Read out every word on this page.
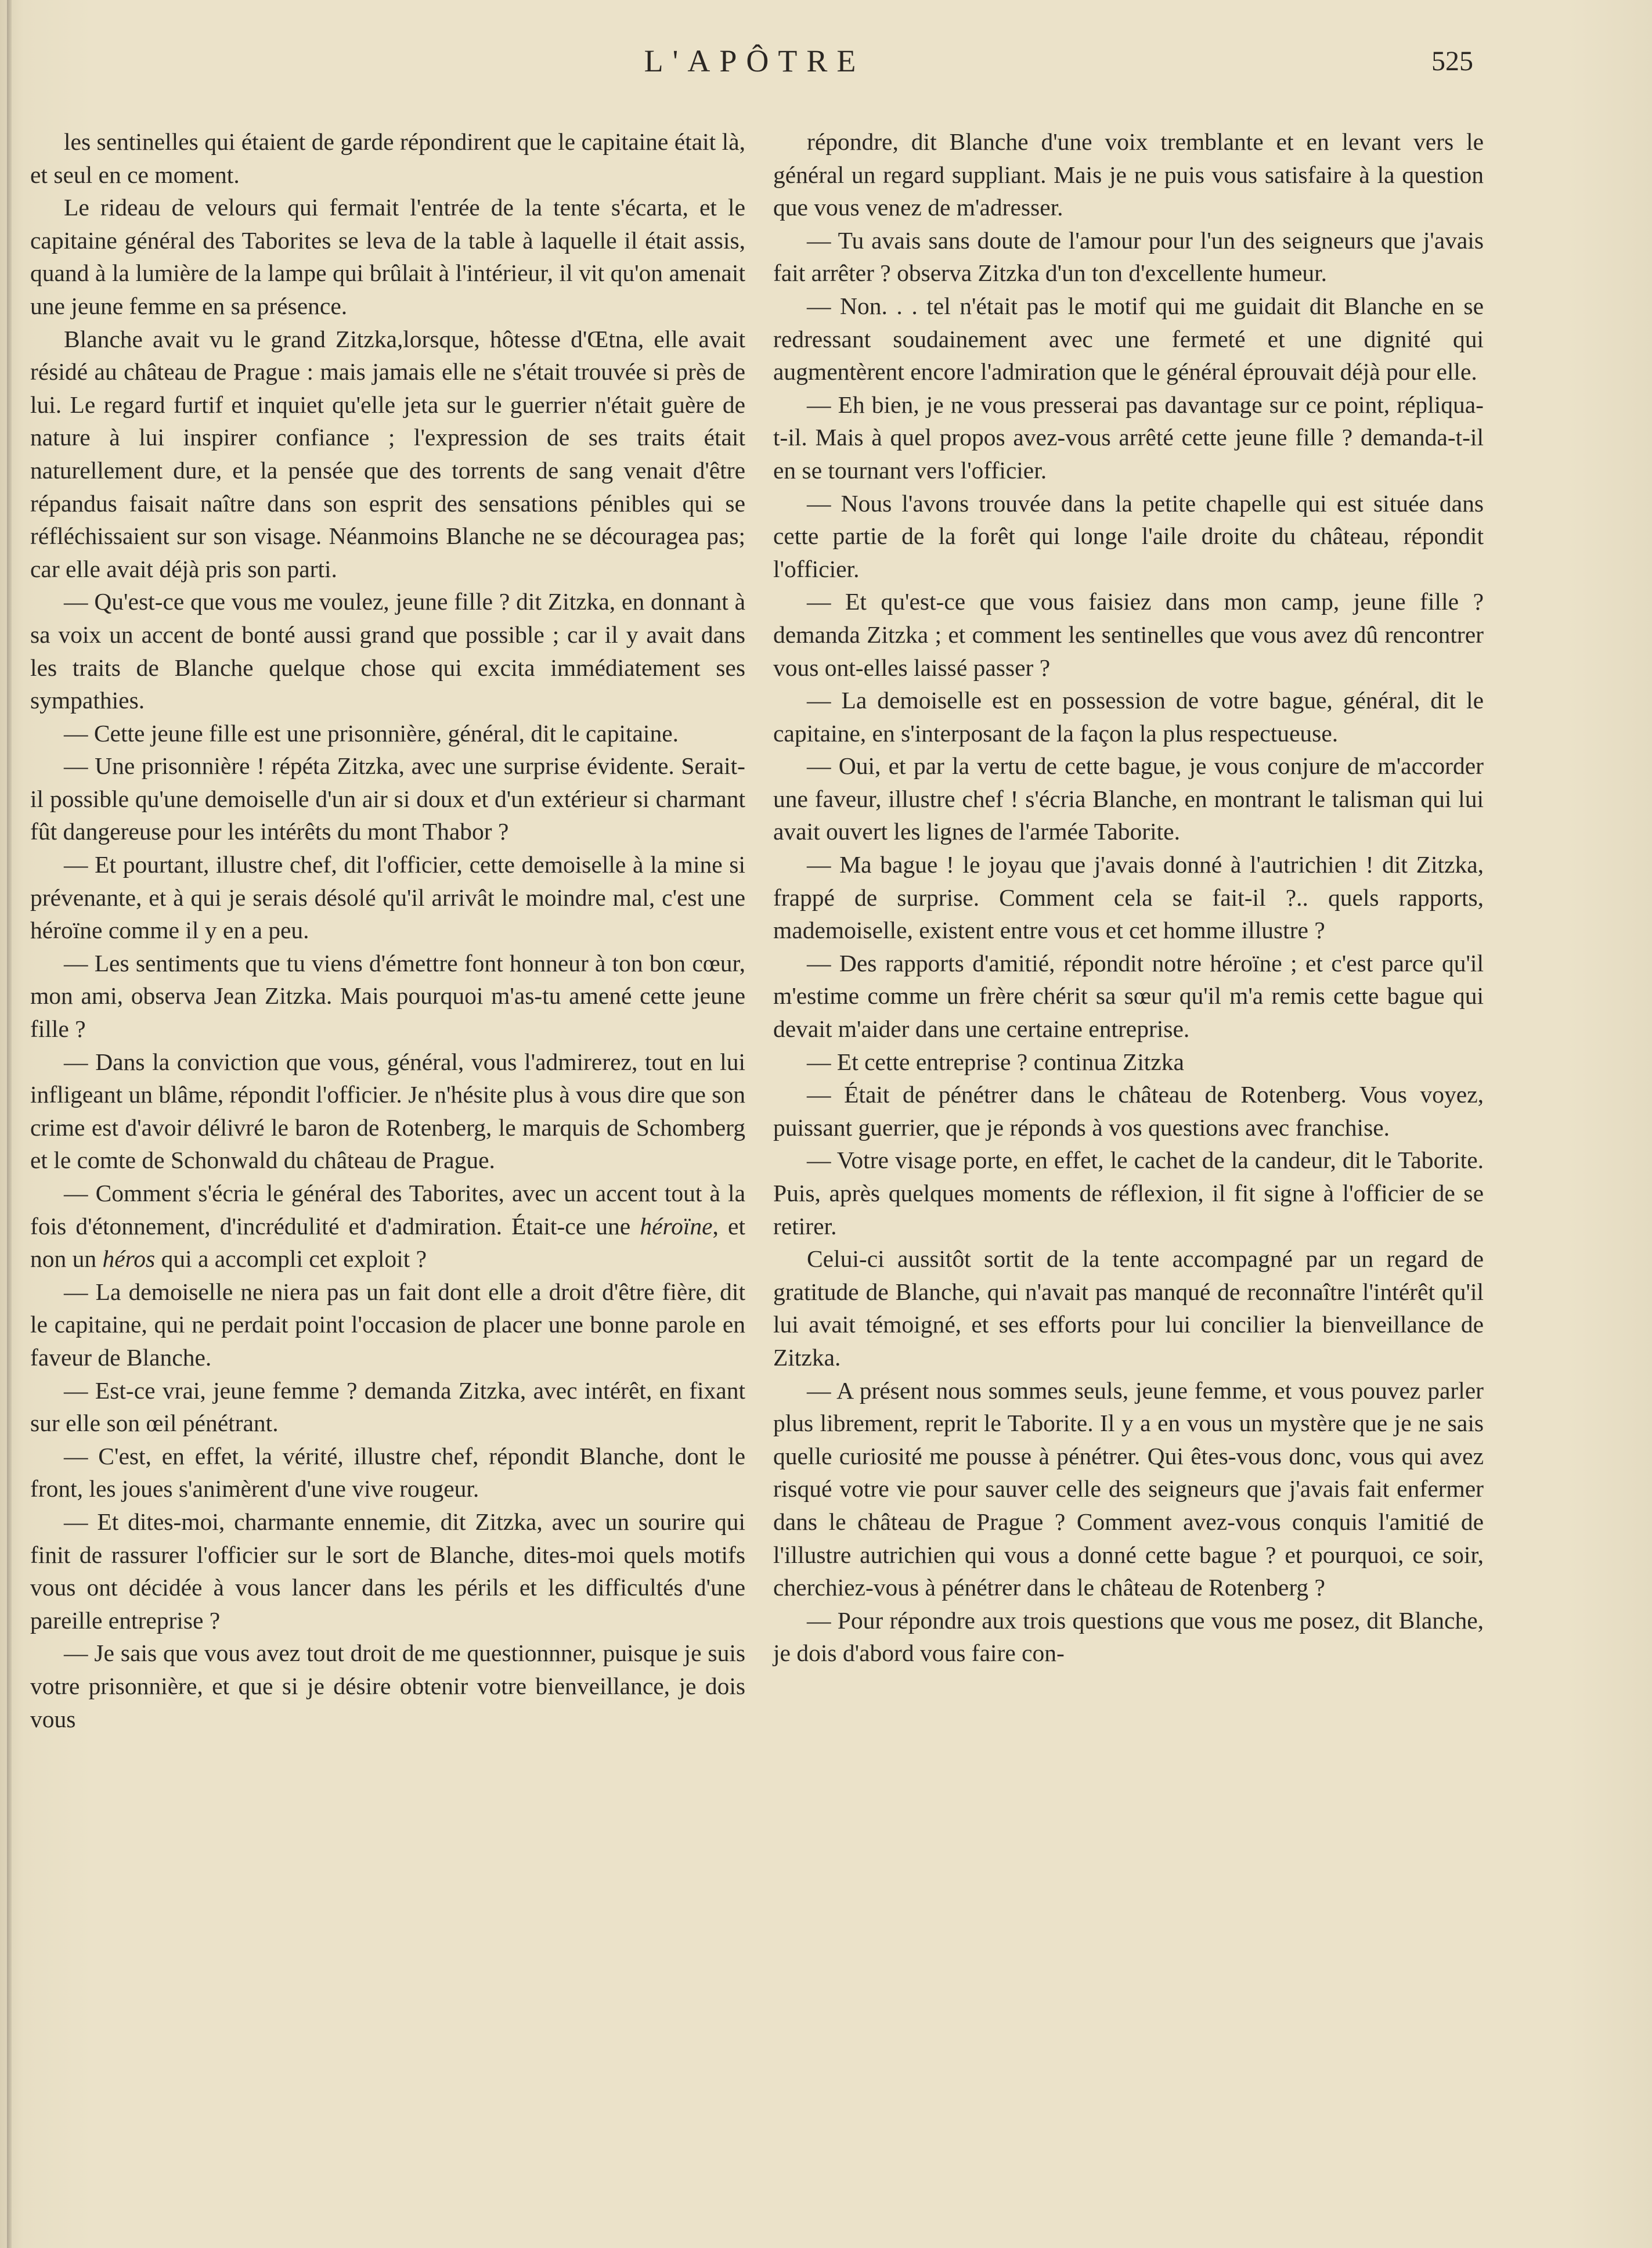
L'APÔTRE	525

les sentinelles qui étaient de garde répondirent que le capitaine était là, et seul en ce moment.

Le rideau de velours qui fermait l'entrée de la tente s'écarta, et le capitaine général des Taborites se leva de la table à laquelle il était assis, quand à la lumière de la lampe qui brûlait à l'intérieur, il vit qu'on amenait une jeune femme en sa présence.

Blanche avait vu le grand Zitzka,lorsque, hôtesse d'Œtna, elle avait résidé au château de Prague : mais jamais elle ne s'était trouvée si près de lui. Le regard furtif et inquiet qu'elle jeta sur le guerrier n'était guère de nature à lui inspirer confiance ; l'expression de ses traits était naturellement dure, et la pensée que des torrents de sang venait d'être répandus faisait naître dans son esprit des sensations pénibles qui se réfléchissaient sur son visage. Néanmoins Blanche ne se découragea pas; car elle avait déjà pris son parti.

— Qu'est-ce que vous me voulez, jeune fille ? dit Zitzka, en donnant à sa voix un accent de bonté aussi grand que possible ; car il y avait dans les traits de Blanche quelque chose qui excita immédiatement ses sympathies.

— Cette jeune fille est une prisonnière, général, dit le capitaine.

— Une prisonnière ! répéta Zitzka, avec une surprise évidente. Serait-il possible qu'une demoiselle d'un air si doux et d'un extérieur si charmant fût dangereuse pour les intérêts du mont Thabor ?

— Et pourtant, illustre chef, dit l'officier, cette demoiselle à la mine si prévenante, et à qui je serais désolé qu'il arrivât le moindre mal, c'est une héroïne comme il y en a peu.

— Les sentiments que tu viens d'émettre font honneur à ton bon cœur, mon ami, observa Jean Zitzka. Mais pourquoi m'as-tu amené cette jeune fille ?

— Dans la conviction que vous, général, vous l'admirerez, tout en lui infligeant un blâme, répondit l'officier. Je n'hésite plus à vous dire que son crime est d'avoir délivré le baron de Rotenberg, le marquis de Schomberg et le comte de Schonwald du château de Prague.

— Comment s'écria le général des Taborites, avec un accent tout à la fois d'étonnement, d'incrédulité et d'admiration. Était-ce une héroïne, et non un héros qui a accompli cet exploit ?

— La demoiselle ne niera pas un fait dont elle a droit d'être fière, dit le capitaine, qui ne perdait point l'occasion de placer une bonne parole en faveur de Blanche.

— Est-ce vrai, jeune femme ? demanda Zitzka, avec intérêt, en fixant sur elle son œil pénétrant.

— C'est, en effet, la vérité, illustre chef, répondit Blanche, dont le front, les joues s'animèrent d'une vive rougeur.

— Et dites-moi, charmante ennemie, dit Zitzka, avec un sourire qui finit de rassurer l'officier sur le sort de Blanche, dites-moi quels motifs vous ont décidée à vous lancer dans les périls et les difficultés d'une pareille entreprise ?

— Je sais que vous avez tout droit de me questionnner, puisque je suis votre prisonnière, et que si je désire obtenir votre bienveillance, je dois vous

répondre, dit Blanche d'une voix tremblante et en levant vers le général un regard suppliant. Mais je ne puis vous satisfaire à la question que vous venez de m'adresser.

— Tu avais sans doute de l'amour pour l'un des seigneurs que j'avais fait arrêter ? observa Zitzka d'un ton d'excellente humeur.

— Non. . . tel n'était pas le motif qui me guidait dit Blanche en se redressant soudainement avec une fermeté et une dignité qui augmentèrent encore l'admiration que le général éprouvait déjà pour elle.

— Eh bien, je ne vous presserai pas davantage sur ce point, répliqua-t-il. Mais à quel propos avez-vous arrêté cette jeune fille ? demanda-t-il en se tournant vers l'officier.

— Nous l'avons trouvée dans la petite chapelle qui est située dans cette partie de la forêt qui longe l'aile droite du château, répondit l'officier.

— Et qu'est-ce que vous faisiez dans mon camp, jeune fille ? demanda Zitzka ; et comment les sentinelles que vous avez dû rencontrer vous ont-elles laissé passer ?

— La demoiselle est en possession de votre bague, général, dit le capitaine, en s'interposant de la façon la plus respectueuse.

— Oui, et par la vertu de cette bague, je vous conjure de m'accorder une faveur, illustre chef ! s'écria Blanche, en montrant le talisman qui lui avait ouvert les lignes de l'armée Taborite.

— Ma bague ! le joyau que j'avais donné à l'autrichien ! dit Zitzka, frappé de surprise. Comment cela se fait-il ?.. quels rapports, mademoiselle, existent entre vous et cet homme illustre ?

— Des rapports d'amitié, répondit notre héroïne ; et c'est parce qu'il m'estime comme un frère chérit sa sœur qu'il m'a remis cette bague qui devait m'aider dans une certaine entreprise.

— Et cette entreprise ? continua Zitzka

— Était de pénétrer dans le château de Rotenberg. Vous voyez, puissant guerrier, que je réponds à vos questions avec franchise.

— Votre visage porte, en effet, le cachet de la candeur, dit le Taborite. Puis, après quelques moments de réflexion, il fit signe à l'officier de se retirer.

Celui-ci aussitôt sortit de la tente accompagné par un regard de gratitude de Blanche, qui n'avait pas manqué de reconnaître l'intérêt qu'il lui avait témoigné, et ses efforts pour lui concilier la bienveillance de Zitzka.

— A présent nous sommes seuls, jeune femme, et vous pouvez parler plus librement, reprit le Taborite. Il y a en vous un mystère que je ne sais quelle curiosité me pousse à pénétrer. Qui êtes-vous donc, vous qui avez risqué votre vie pour sauver celle des seigneurs que j'avais fait enfermer dans le château de Prague ? Comment avez-vous conquis l'amitié de l'illustre autrichien qui vous a donné cette bague ? et pourquoi, ce soir, cherchiez-vous à pénétrer dans le château de Rotenberg ?

— Pour répondre aux trois questions que vous me posez, dit Blanche, je dois d'abord vous faire con-
